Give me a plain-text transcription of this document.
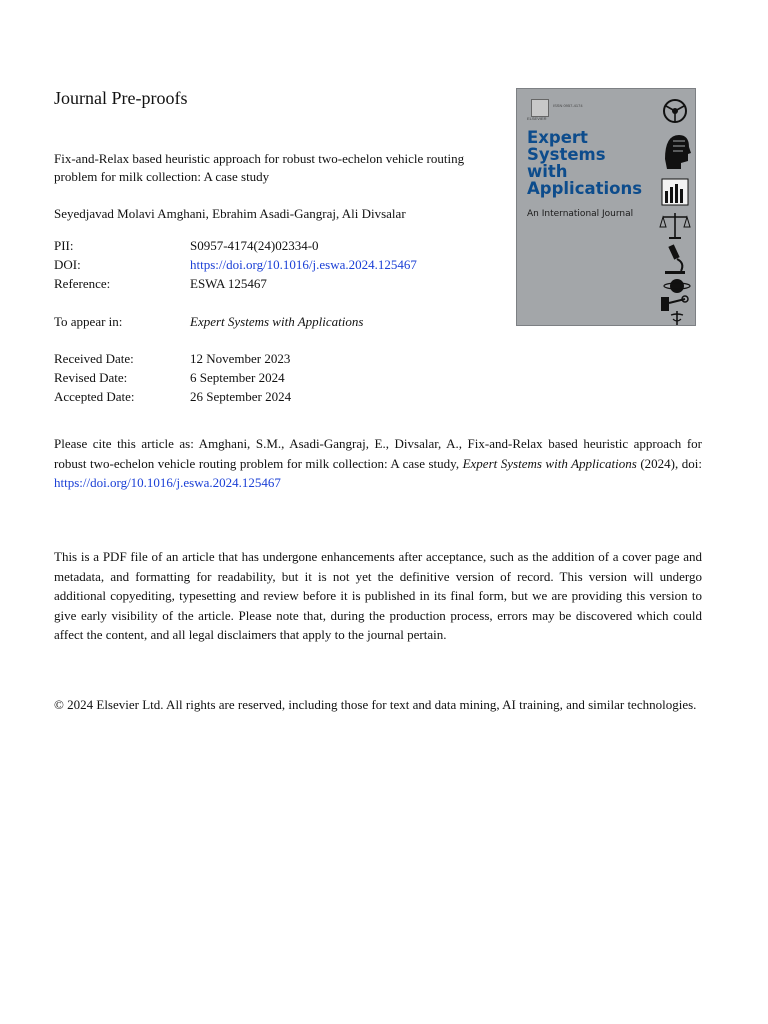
Journal Pre-proofs
Fix-and-Relax based heuristic approach for robust two-echelon vehicle routing problem for milk collection: A case study
Seyedjavad Molavi Amghani, Ebrahim Asadi-Gangraj, Ali Divsalar
PII:	S0957-4174(24)02334-0
DOI:	https://doi.org/10.1016/j.eswa.2024.125467
Reference:	ESWA 125467
To appear in:	Expert Systems with Applications
Received Date:	12 November 2023
Revised Date:	6 September 2024
Accepted Date:	26 September 2024
Please cite this article as: Amghani, S.M., Asadi-Gangraj, E., Divsalar, A., Fix-and-Relax based heuristic approach for robust two-echelon vehicle routing problem for milk collection: A case study, Expert Systems with Applications (2024), doi: https://doi.org/10.1016/j.eswa.2024.125467
This is a PDF file of an article that has undergone enhancements after acceptance, such as the addition of a cover page and metadata, and formatting for readability, but it is not yet the definitive version of record. This version will undergo additional copyediting, typesetting and review before it is published in its final form, but we are providing this version to give early visibility of the article. Please note that, during the production process, errors may be discovered which could affect the content, and all legal disclaimers that apply to the journal pertain.
© 2024 Elsevier Ltd. All rights are reserved, including those for text and data mining, AI training, and similar technologies.
ISSN 0957-4174
ELSEVIER
Expert
Systems
with
Applications
An International Journal
